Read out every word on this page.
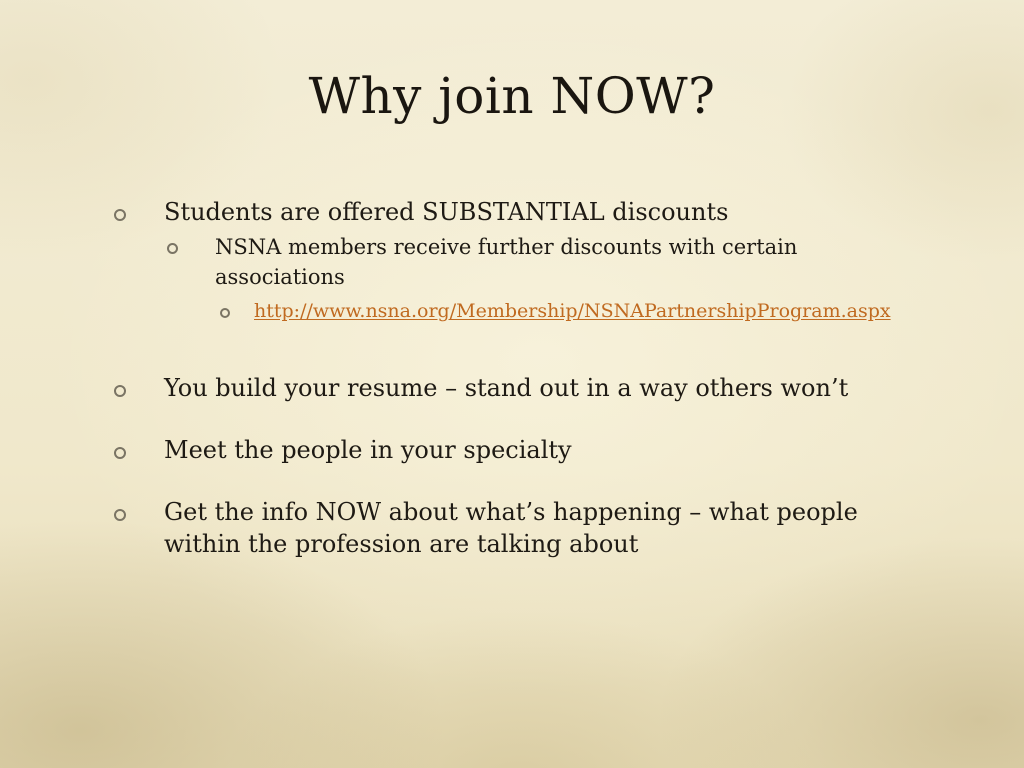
Why join NOW?
Students are offered SUBSTANTIAL discounts
NSNA members receive further discounts with certain associations
http://www.nsna.org/Membership/NSNAPartnershipProgram.aspx
You build your resume – stand out in a way others won’t
Meet the people in your specialty
Get the info NOW about what’s happening – what people within the profession are talking about
